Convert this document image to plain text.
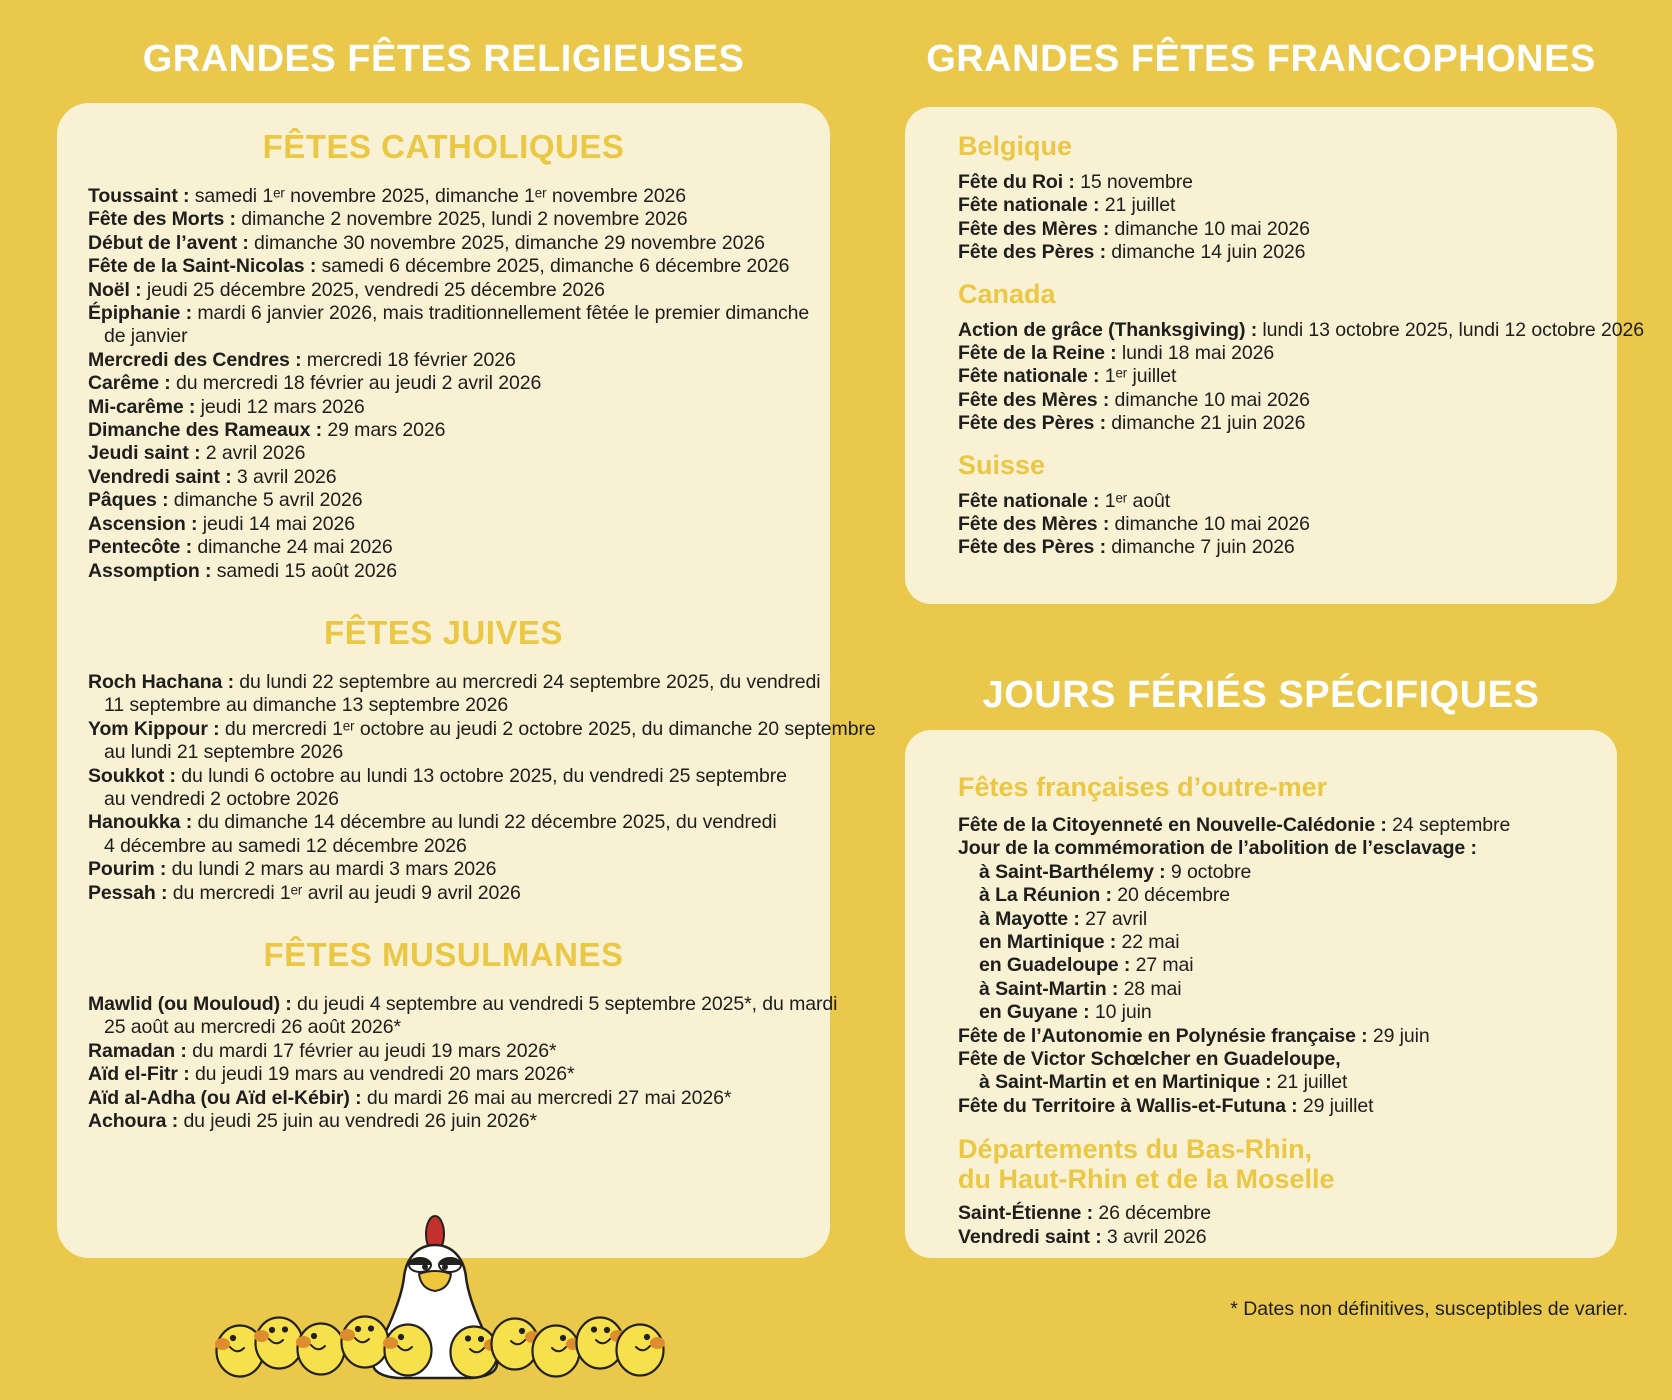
GRANDES FÊTES RELIGIEUSES
FÊTES CATHOLIQUES

Toussaint : samedi 1ᵉʳ novembre 2025, dimanche 1ᵉʳ novembre 2026

Fête des Morts : dimanche 2 novembre 2025, lundi 2 novembre 2026

Début de l’avent : dimanche 30 novembre 2025, dimanche 29 novembre 2026

Fête de la Saint-Nicolas : samedi 6 décembre 2025, dimanche 6 décembre 2026

Noël : jeudi 25 décembre 2025, vendredi 25 décembre 2026

Épiphanie : mardi 6 janvier 2026, mais traditionnellement fêtée le premier dimanche

de janvier

Mercredi des Cendres : mercredi 18 février 2026

Carême : du mercredi 18 février au jeudi 2 avril 2026

Mi-carême : jeudi 12 mars 2026

Dimanche des Rameaux : 29 mars 2026

Jeudi saint : 2 avril 2026

Vendredi saint : 3 avril 2026

Pâques : dimanche 5 avril 2026

Ascension : jeudi 14 mai 2026

Pentecôte : dimanche 24 mai 2026

Assomption : samedi 15 août 2026

FÊTES JUIVES

Roch Hachana : du lundi 22 septembre au mercredi 24 septembre 2025, du vendredi

11 septembre au dimanche 13 septembre 2026

Yom Kippour : du mercredi 1ᵉʳ octobre au jeudi 2 octobre 2025, du dimanche 20 septembre

au lundi 21 septembre 2026

Soukkot : du lundi 6 octobre au lundi 13 octobre 2025, du vendredi 25 septembre

au vendredi 2 octobre 2026

Hanoukka : du dimanche 14 décembre au lundi 22 décembre 2025, du vendredi

4 décembre au samedi 12 décembre 2026

Pourim : du lundi 2 mars au mardi 3 mars 2026

Pessah : du mercredi 1ᵉʳ avril au jeudi 9 avril 2026

FÊTES MUSULMANES

Mawlid (ou Mouloud) : du jeudi 4 septembre au vendredi 5 septembre 2025*, du mardi

25 août au mercredi 26 août 2026*

Ramadan : du mardi 17 février au jeudi 19 mars 2026*

Aïd el-Fitr : du jeudi 19 mars au vendredi 20 mars 2026*

Aïd al-Adha (ou Aïd el-Kébir) : du mardi 26 mai au mercredi 27 mai 2026*

Achoura : du jeudi 25 juin au vendredi 26 juin 2026*

GRANDES FÊTES FRANCOPHONES
Belgique

Fête du Roi : 15 novembre

Fête nationale : 21 juillet

Fête des Mères : dimanche 10 mai 2026

Fête des Pères : dimanche 14 juin 2026

Canada

Action de grâce (Thanksgiving) : lundi 13 octobre 2025, lundi 12 octobre 2026

Fête de la Reine : lundi 18 mai 2026

Fête nationale : 1ᵉʳ juillet

Fête des Mères : dimanche 10 mai 2026

Fête des Pères : dimanche 21 juin 2026

Suisse

Fête nationale : 1ᵉʳ août

Fête des Mères : dimanche 10 mai 2026

Fête des Pères : dimanche 7 juin 2026

JOURS FÉRIÉS SPÉCIFIQUES
Fêtes françaises d’outre-mer

Fête de la Citoyenneté en Nouvelle-Calédonie : 24 septembre

Jour de la commémoration de l’abolition de l’esclavage :

à Saint-Barthélemy : 9 octobre

à La Réunion : 20 décembre

à Mayotte : 27 avril

en Martinique : 22 mai

en Guadeloupe : 27 mai

à Saint-Martin : 28 mai

en Guyane : 10 juin

Fête de l’Autonomie en Polynésie française : 29 juin

Fête de Victor Schœlcher en Guadeloupe,

à Saint-Martin et en Martinique : 21 juillet

Fête du Territoire à Wallis-et-Futuna : 29 juillet

Départements du Bas-Rhin,
du Haut-Rhin et de la Moselle

Saint-Étienne : 26 décembre

Vendredi saint : 3 avril 2026

* Dates non définitives, susceptibles de varier.
